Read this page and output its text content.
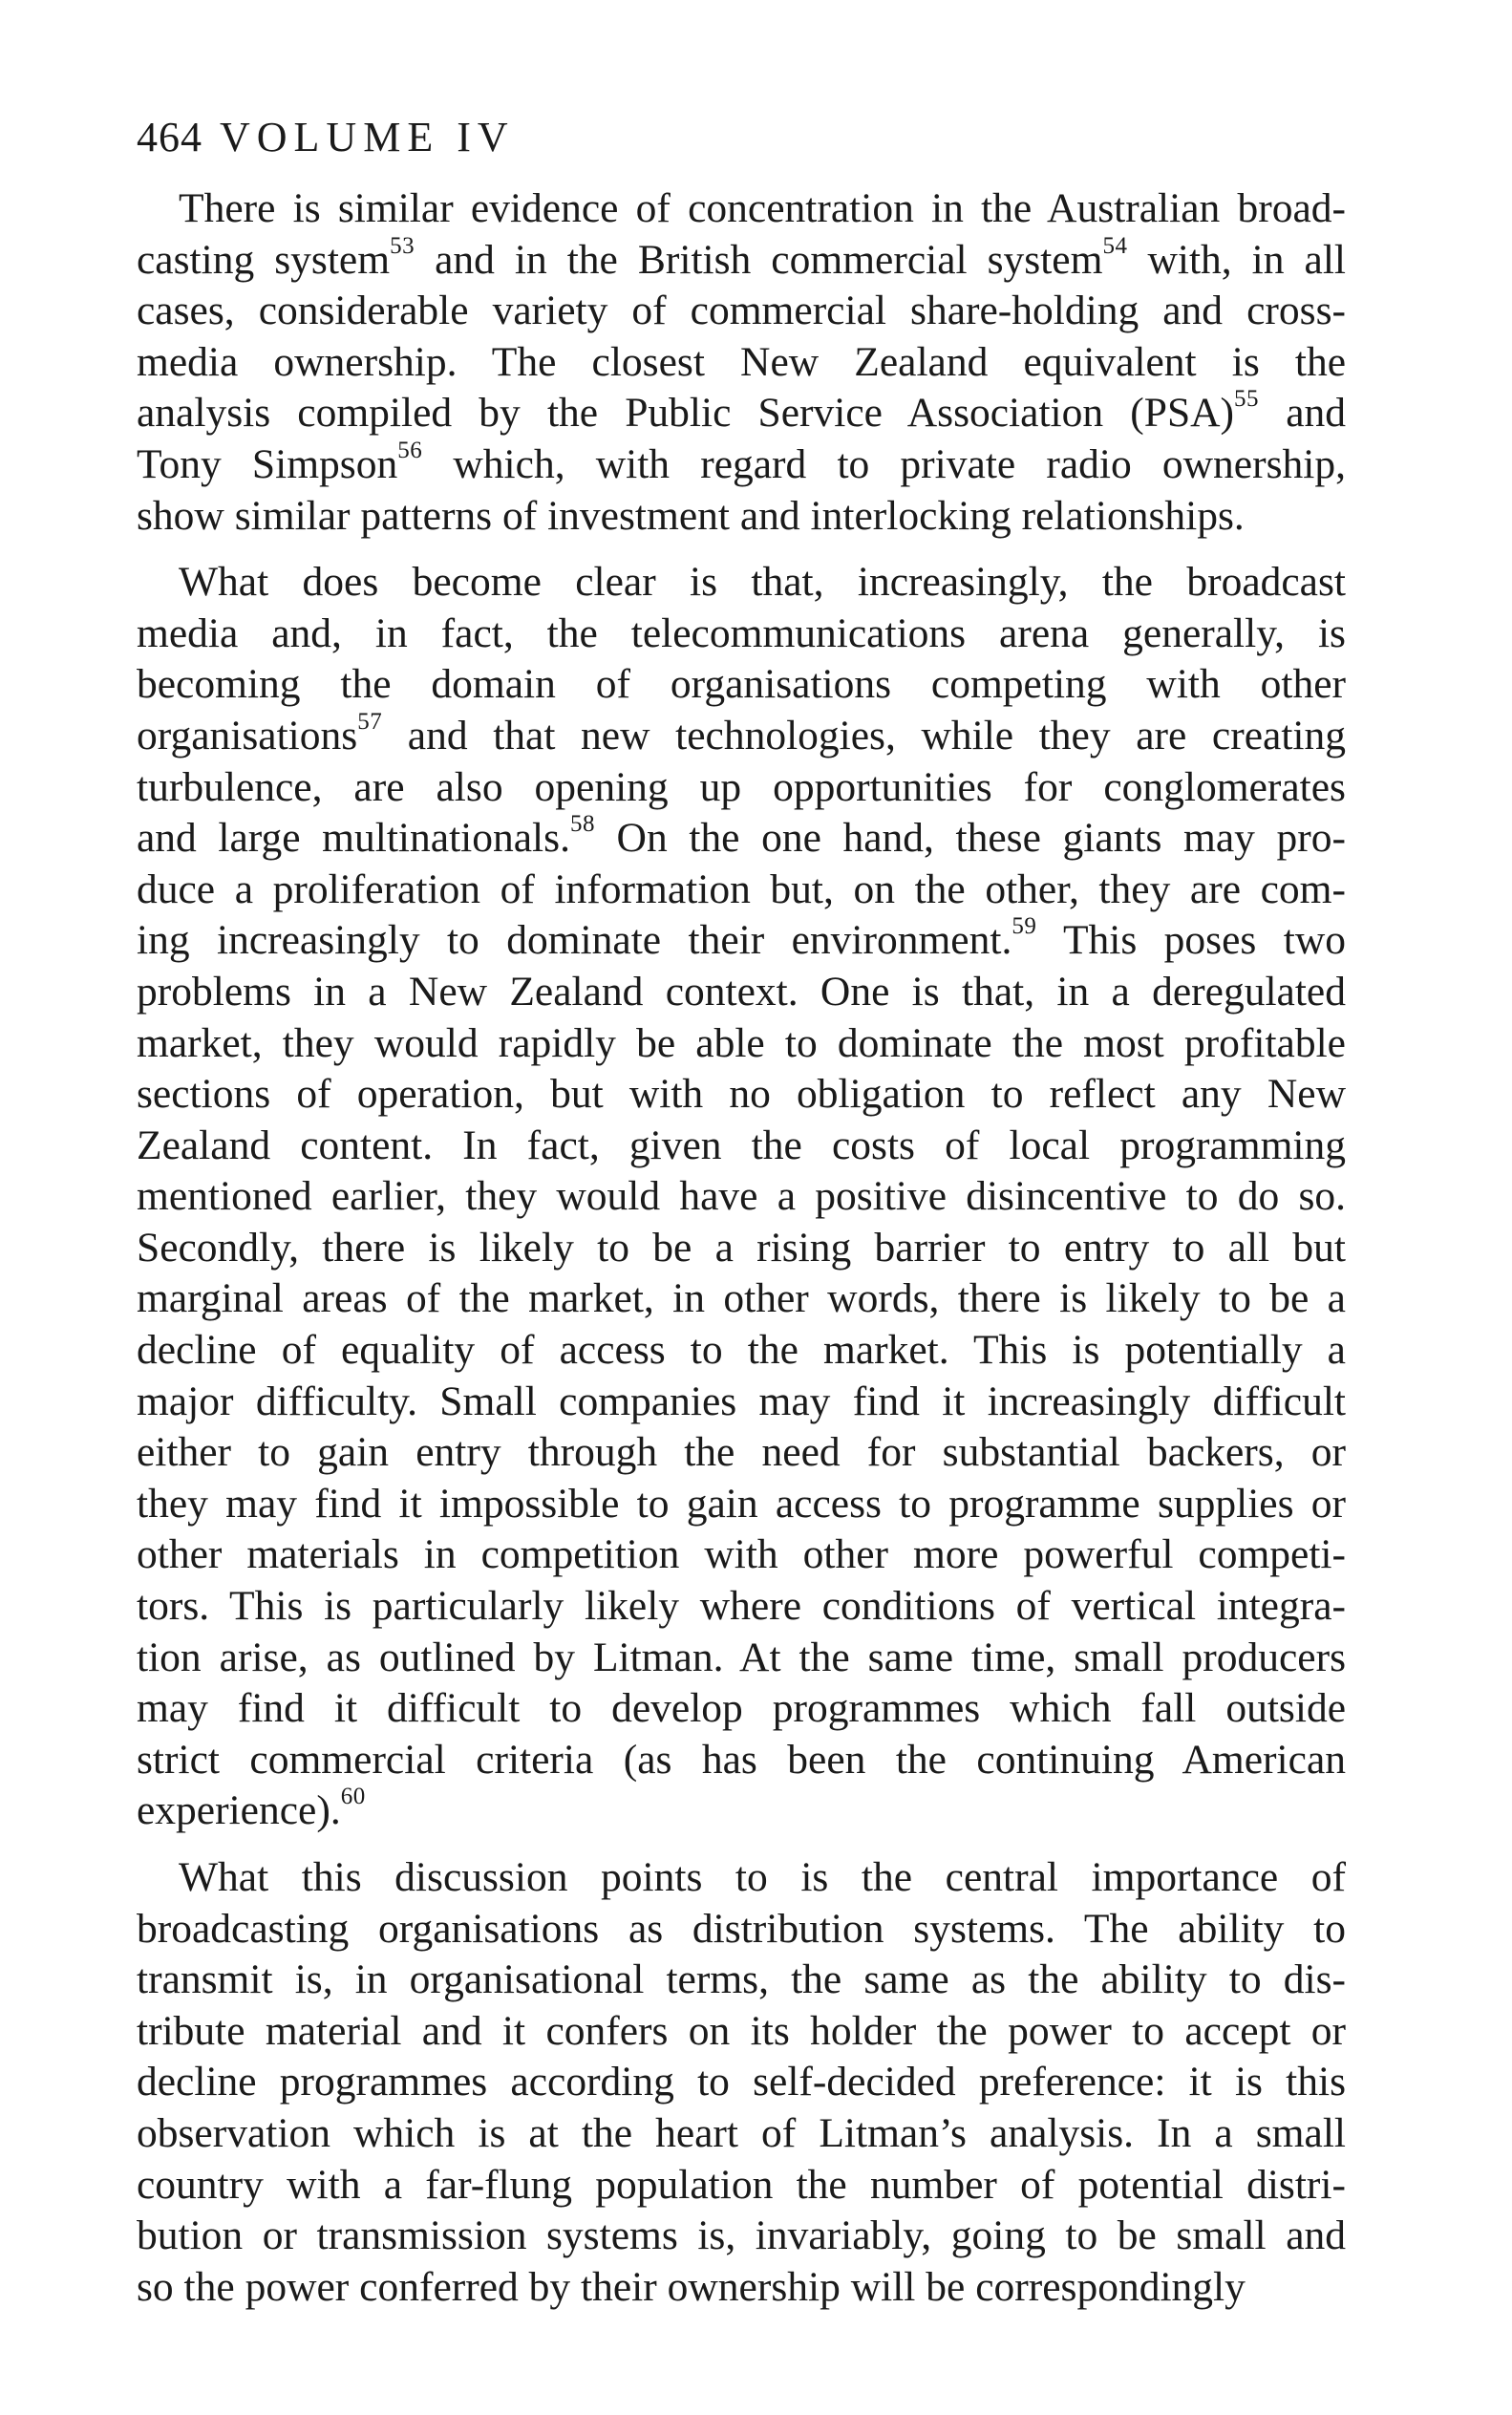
464 VOLUME IV

There is similar evidence of concentration in the Australian broad-
casting system$^{53}$ and in the British commercial system$^{54}$ with, in all
cases, considerable variety of commercial share-holding and cross-
media ownership. The closest New Zealand equivalent is the
analysis compiled by the Public Service Association (PSA)$^{55}$ and
Tony Simpson$^{56}$ which, with regard to private radio ownership,
show similar patterns of investment and interlocking relationships.

What does become clear is that, increasingly, the broadcast
media and, in fact, the telecommunications arena generally, is
becoming the domain of organisations competing with other
organisations$^{57}$ and that new technologies, while they are creating
turbulence, are also opening up opportunities for conglomerates
and large multinationals.$^{58}$ On the one hand, these giants may pro-
duce a proliferation of information but, on the other, they are com-
ing increasingly to dominate their environment.$^{59}$ This poses two
problems in a New Zealand context. One is that, in a deregulated
market, they would rapidly be able to dominate the most profitable
sections of operation, but with no obligation to reflect any New
Zealand content. In fact, given the costs of local programming
mentioned earlier, they would have a positive disincentive to do so.
Secondly, there is likely to be a rising barrier to entry to all but
marginal areas of the market, in other words, there is likely to be a
decline of equality of access to the market. This is potentially a
major difficulty. Small companies may find it increasingly difficult
either to gain entry through the need for substantial backers, or
they may find it impossible to gain access to programme supplies or
other materials in competition with other more powerful competi-
tors. This is particularly likely where conditions of vertical integra-
tion arise, as outlined by Litman. At the same time, small producers
may find it difficult to develop programmes which fall outside
strict commercial criteria (as has been the continuing American
experience).$^{60}$

What this discussion points to is the central importance of
broadcasting organisations as distribution systems. The ability to
transmit is, in organisational terms, the same as the ability to dis-
tribute material and it confers on its holder the power to accept or
decline programmes according to self-decided preference: it is this
observation which is at the heart of Litman’s analysis. In a small
country with a far-flung population the number of potential distri-
bution or transmission systems is, invariably, going to be small and
so the power conferred by their ownership will be correspondingly
